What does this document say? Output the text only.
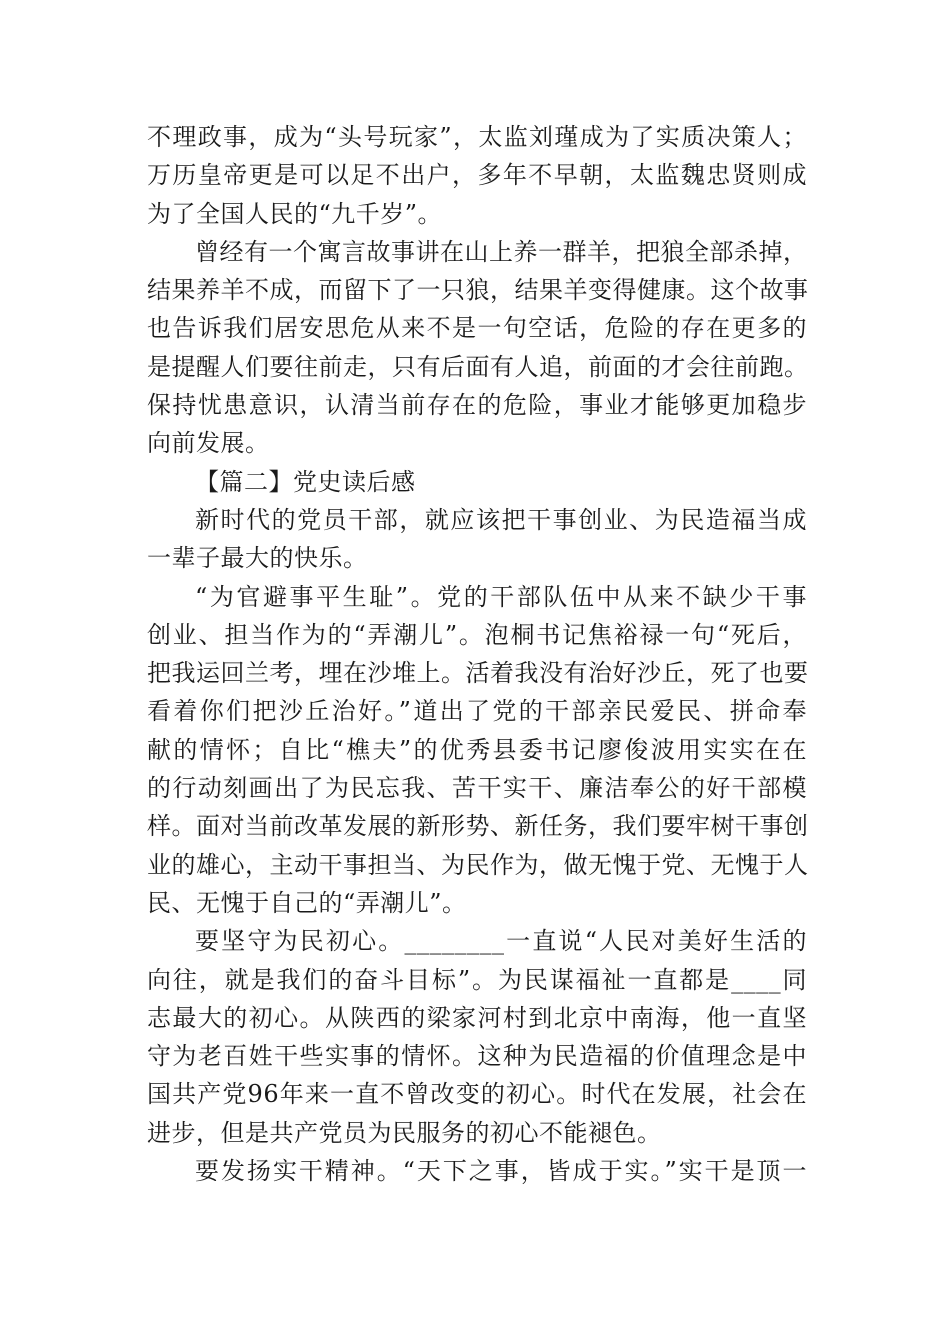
不理政事，成为“头号玩家”，太监刘瑾成为了实质决策人；
万历皇帝更是可以足不出户，多年不早朝，太监魏忠贤则成
为了全国人民的“九千岁”。
曾经有一个寓言故事讲在山上养一群羊，把狼全部杀掉，
结果养羊不成，而留下了一只狼，结果羊变得健康。这个故事
也告诉我们居安思危从来不是一句空话，危险的存在更多的
是提醒人们要往前走，只有后面有人追，前面的才会往前跑。
保持忧患意识，认清当前存在的危险，事业才能够更加稳步
向前发展。
【篇二】党史读后感
新时代的党员干部，就应该把干事创业、为民造福当成
一辈子最大的快乐。
“为官避事平生耻”。党的干部队伍中从来不缺少干事
创业、担当作为的“弄潮儿”。泡桐书记焦裕禄一句“死后，
把我运回兰考，埋在沙堆上。活着我没有治好沙丘，死了也要
看着你们把沙丘治好。”道出了党的干部亲民爱民、拼命奉
献的情怀；自比“樵夫”的优秀县委书记廖俊波用实实在在
的行动刻画出了为民忘我、苦干实干、廉洁奉公的好干部模
样。面对当前改革发展的新形势、新任务，我们要牢树干事创
业的雄心，主动干事担当、为民作为，做无愧于党、无愧于人
民、无愧于自己的“弄潮儿”。
要坚守为民初心。________一直说“人民对美好生活的
向往，就是我们的奋斗目标”。为民谋福祉一直都是____同
志最大的初心。从陕西的梁家河村到北京中南海，他一直坚
守为老百姓干些实事的情怀。这种为民造福的价值理念是中
国共产党96年来一直不曾改变的初心。时代在发展，社会在
进步，但是共产党员为民服务的初心不能褪色。
要发扬实干精神。“天下之事，皆成于实。”实干是顶一
